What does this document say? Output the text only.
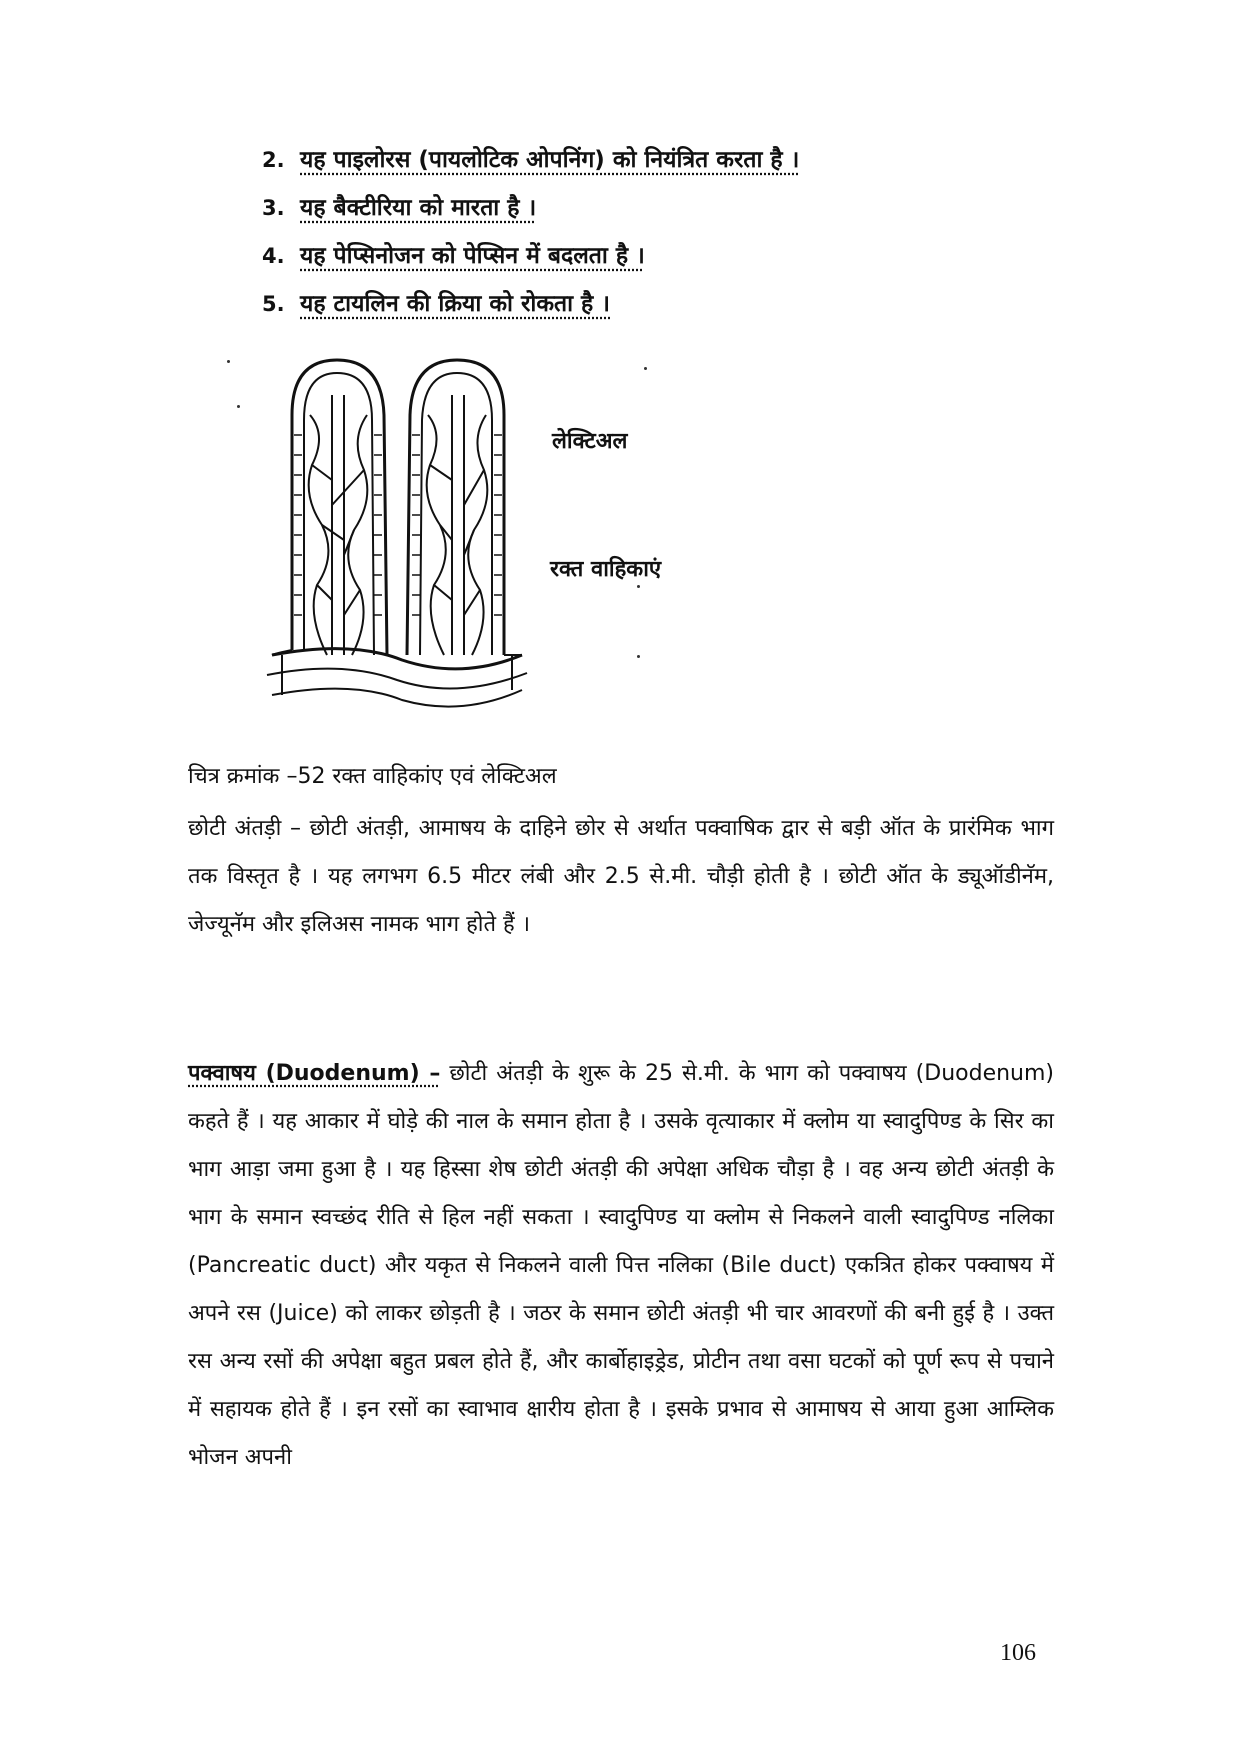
2. यह पाइलोरस (पायलोटिक ओपनिंग) को नियंत्रित करता है ।
3. यह बैक्टीरिया को मारता है ।
4. यह पेप्सिनोजन को पेप्सिन में बदलता है ।
5. यह टायलिन की क्रिया को रोकता है ।
लेक्टिअल
रक्त वाहिकाएं
चित्र क्रमांक –52 रक्त वाहिकांए एवं लेक्टिअल
छोटी अंतड़ी – छोटी अंतड़ी, आमाषय के दाहिने छोर से अर्थात पक्वाषिक द्वार से बड़ी ऑत के प्रारंमिक भाग तक विस्तृत है । यह लगभग 6.5 मीटर लंबी और 2.5 से.मी. चौड़ी होती है । छोटी ऑत के ड्यूऑडीनॅम, जेज्यूनॅम और इलिअस नामक भाग होते हैं ।
पक्वाषय (Duodenum) – छोटी अंतड़ी के शुरू के 25 से.मी. के भाग को पक्वाषय (Duodenum) कहते हैं । यह आकार में घोड़े की नाल के समान होता है । उसके वृत्याकार में क्लोम या स्वादुपिण्ड के सिर का भाग आड़ा जमा हुआ है । यह हिस्सा शेष छोटी अंतड़ी की अपेक्षा अधिक चौड़ा है । वह अन्य छोटी अंतड़ी के भाग के समान स्वच्छंद रीति से हिल नहीं सकता । स्वादुपिण्ड या क्लोम से निकलने वाली स्वादुपिण्ड नलिका (Pancreatic duct) और यकृत से निकलने वाली पित्त नलिका (Bile duct) एकत्रित होकर पक्वाषय में अपने रस (Juice) को लाकर छोड़ती है । जठर के समान छोटी अंतड़ी भी चार आवरणों की बनी हुई है । उक्त रस अन्य रसों की अपेक्षा बहुत प्रबल होते हैं, और कार्बोहाइड्रेड, प्रोटीन तथा वसा घटकों को पूर्ण रूप से पचाने में सहायक होते हैं । इन रसों का स्वाभाव क्षारीय होता है । इसके प्रभाव से आमाषय से आया हुआ आम्लिक भोजन अपनी
106
